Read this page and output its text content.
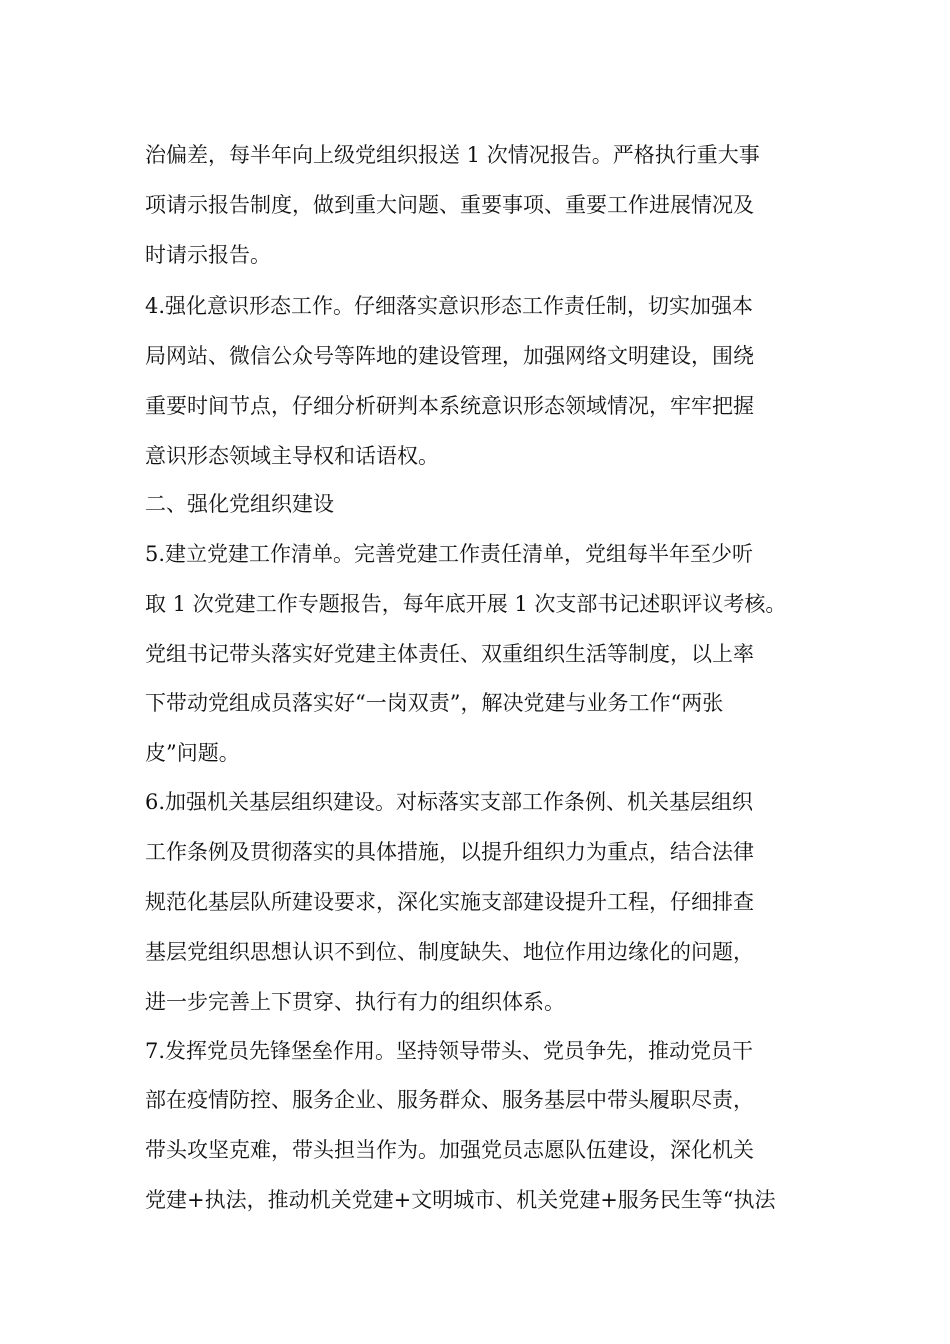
治偏差，每半年向上级党组织报送 1 次情况报告。严格执行重大事
项请示报告制度，做到重大问题、重要事项、重要工作进展情况及
时请示报告。
4.强化意识形态工作。仔细落实意识形态工作责任制，切实加强本
局网站、微信公众号等阵地的建设管理，加强网络文明建设，围绕
重要时间节点，仔细分析研判本系统意识形态领域情况，牢牢把握
意识形态领域主导权和话语权。
二、强化党组织建设
5.建立党建工作清单。完善党建工作责任清单，党组每半年至少听
取 1 次党建工作专题报告，每年底开展 1 次支部书记述职评议考核。
党组书记带头落实好党建主体责任、双重组织生活等制度，以上率
下带动党组成员落实好“一岗双责”，解决党建与业务工作“两张
皮”问题。
6.加强机关基层组织建设。对标落实支部工作条例、机关基层组织
工作条例及贯彻落实的具体措施，以提升组织力为重点，结合法律
规范化基层队所建设要求，深化实施支部建设提升工程，仔细排查
基层党组织思想认识不到位、制度缺失、地位作用边缘化的问题，
进一步完善上下贯穿、执行有力的组织体系。
7.发挥党员先锋堡垒作用。坚持领导带头、党员争先，推动党员干
部在疫情防控、服务企业、服务群众、服务基层中带头履职尽责，
带头攻坚克难，带头担当作为。加强党员志愿队伍建设，深化机关
党建+执法，推动机关党建+文明城市、机关党建+服务民生等“执法
